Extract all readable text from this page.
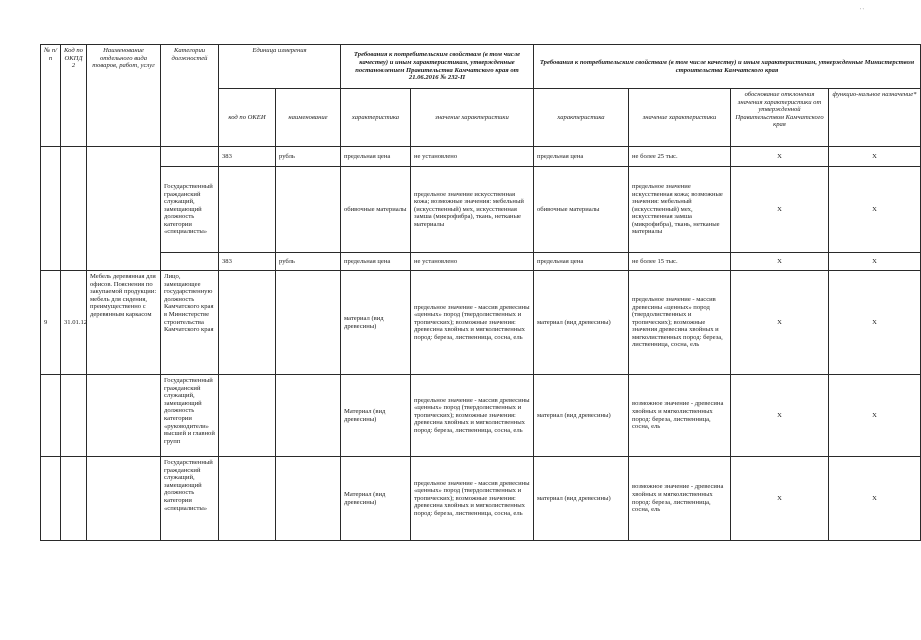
' '
№ п/п	Код по ОКПД 2	Наименование отдельного вида товаров, работ, услуг	Категории должностей	Единица измерения		Требования к потребительским свойствам (в том числе качеству) и иным характеристикам, утвержденные постановлением Правительства Камчатского края от 21.06.2016 № 232-П		Требования к потребительским свойствам (в том числе качеству) и иным характеристикам, утвержденные Министерством строительства Камчатского края			
				код по ОКЕИ	наименование	характеристика	значение характеристики	характеристика	значение характеристики	обоснование отклонения значения характеристики от утвержденной Правительством Камчатского края	функцио-нальное назначение*
				383	рубль	предельная цена	не установлено	предельная цена	не более 25 тыс.	X	X

			Государственный гражданский служащий, замещающий должность категории «специалисты»			обивочные материалы	предельное значение искусственная кожа; возможные значения: мебельный (искусственный) мех, искусственная замша (микрофибра), ткань, нетканые материалы	обивочные материалы	предельное значение искусственная кожа; возможные значения: мебельный (искусственный) мех, искусственная замша (микрофибра), ткань, нетканые материалы	X	X

				383	рубль	предельная цена	не установлено	предельная цена	не более 15 тыс.	X	X

9	31.01.12	Мебель деревянная для офисов. Пояснения по закупаемой продукции: мебель для сидения, преимущественно с деревянным каркасом	Лицо, замещающее государственную должность Камчатского края в Министерстве строительства Камчатского края			материал (вид древесины)	предельное значение - массив древесины «ценных» пород (твердолиственных и тропических); возможные значения: древесина хвойных и мягколиственных пород: береза, лиственница, сосна, ель	материал (вид древесины)	предельное значение - массив древесины «ценных» пород (твердолиственных и тропических); возможные значения древесина хвойных и мягколиственных пород: береза, лиственница, сосна, ель	X	X

			Государственный гражданский служащий, замещающий должность категории «руководители» высшей и главной групп			Материал (вид древесины)	предельное значение - массив древесины «ценных» пород (твердолиственных и тропических); возможные значения: древесина хвойных и мягколиственных пород: береза, лиственница, сосна, ель	материал (вид древесины)	возможное значение - древесина хвойных и мягколиственных пород: береза, лиственница, сосна, ель	X	X

			Государственный гражданский служащий, замещающий должность категории «специалисты»			Материал (вид древесины)	предельное значение - массив древесины «ценных» пород (твердолиственных и тропических); возможные значения: древесина хвойных и мягколиственных пород: береза, лиственница, сосна, ель	материал (вид древесины)	возможное значение - древесина хвойных и мягколиственных пород: береза, лиственница, сосна, ель	X	X
